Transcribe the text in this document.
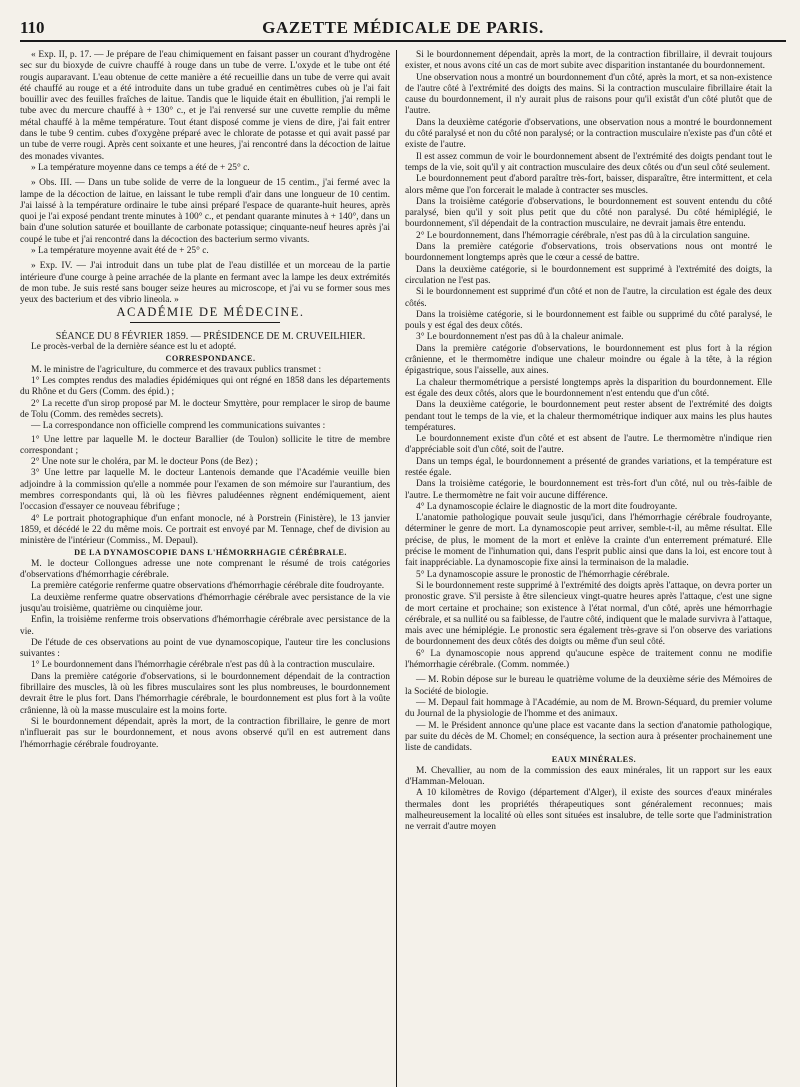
110	GAZETTE MÉDICALE DE PARIS.

« Exp. II, p. 17. — Je prépare de l'eau chimiquement en faisant passer un courant d'hydrogène sec sur du bioxyde de cuivre chauffé à rouge dans un tube de verre. L'oxyde et le tube ont été rougis auparavant. L'eau obtenue de cette manière a été recueillie dans un tube de verre qui avait été chauffé au rouge et a été introduite dans un tube gradué en centimètres cubes où je l'ai fait bouillir avec des feuilles fraîches de laitue. Tandis que le liquide était en ébullition, j'ai rempli le tube avec du mercure chauffé à + 130° c., et je l'ai renversé sur une cuvette remplie du même métal chauffé à la même température. Tout étant disposé comme je viens de dire, j'ai fait entrer dans le tube 9 centim. cubes d'oxygène préparé avec le chlorate de potasse et qui avait passé par un tube de verre rougi. Après cent soixante et une heures, j'ai rencontré dans la décoction de laitue des monades vivantes.

» La température moyenne dans ce temps a été de + 25° c.

» Obs. III. — Dans un tube solide de verre de la longueur de 15 centim., j'ai fermé avec la lampe de la décoction de laitue, en laissant le tube rempli d'air dans une longueur de 10 centim. J'ai laissé à la température ordinaire le tube ainsi préparé l'espace de quarante-huit heures, après quoi je l'ai exposé pendant trente minutes à 100° c., et pendant quarante minutes à + 140°, dans un bain d'une solution saturée et bouillante de carbonate potassique; cinquante-neuf heures après j'ai coupé le tube et j'ai rencontré dans la décoction des bacterium sermo vivants.

» La température moyenne avait été de + 25° c.

» Exp. IV. — J'ai introduit dans un tube plat de l'eau distillée et un morceau de la partie intérieure d'une courge à peine arrachée de la plante en fermant avec la lampe les deux extrémités de mon tube. Je suis resté sans bouger seize heures au microscope, et j'ai vu se former sous mes yeux des bacterium et des vibrio lineola. »

ACADÉMIE DE MÉDECINE.

SÉANCE DU 8 FÉVRIER 1859. — PRÉSIDENCE DE M. CRUVEILHIER.

Le procès-verbal de la dernière séance est lu et adopté.

CORRESPONDANCE.

M. le ministre de l'agriculture, du commerce et des travaux publics transmet :

1° Les comptes rendus des maladies épidémiques qui ont régné en 1858 dans les départements du Rhône et du Gers (Comm. des épid.) ;

2° La recette d'un sirop proposé par M. le docteur Smyttère, pour remplacer le sirop de baume de Tolu (Comm. des remèdes secrets).

— La correspondance non officielle comprend les communications suivantes :

1° Une lettre par laquelle M. le docteur Barallier (de Toulon) sollicite le titre de membre correspondant ;

2° Une note sur le choléra, par M. le docteur Pons (de Bez) ;

3° Une lettre par laquelle M. le docteur Lantenois demande que l'Académie veuille bien adjoindre à la commission qu'elle a nommée pour l'examen de son mémoire sur l'aurantium, des membres correspondants qui, là où les fièvres paludéennes règnent endémiquement, aient l'occasion d'essayer ce nouveau fébrifuge ;

4° Le portrait photographique d'un enfant monocle, né à Porstrein (Finistère), le 13 janvier 1859, et décédé le 22 du même mois. Ce portrait est envoyé par M. Tennage, chef de division au ministère de l'intérieur (Commiss., M. Depaul).

DE LA DYNAMOSCOPIE DANS L'HÉMORRHAGIE CÉRÉBRALE.

M. le docteur Collongues adresse une note comprenant le résumé de trois catégories d'observations d'hémorrhagie cérébrale.

La première catégorie renferme quatre observations d'hémorrhagie cérébrale dite foudroyante.

La deuxième renferme quatre observations d'hémorrhagie cérébrale avec persistance de la vie jusqu'au troisième, quatrième ou cinquième jour.

Enfin, la troisième renferme trois observations d'hémorrhagie cérébrale avec persistance de la vie.

De l'étude de ces observations au point de vue dynamoscopique, l'auteur tire les conclusions suivantes :

1° Le bourdonnement dans l'hémorrhagie cérébrale n'est pas dû à la contraction musculaire.

Dans la première catégorie d'observations, si le bourdonnement dépendait de la contraction fibrillaire des muscles, là où les fibres musculaires sont les plus nombreuses, le bourdonnement devrait être le plus fort. Dans l'hémorrhagie cérébrale, le bourdonnement est plus fort à la voûte crânienne, là où la masse musculaire est la moins forte.

Si le bourdonnement dépendait, après la mort, de la contraction fibrillaire, le genre de mort n'influerait pas sur le bourdonnement, et nous avons observé qu'il en est autrement dans l'hémorrhagie cérébrale foudroyante.

Si le bourdonnement dépendait, après la mort, de la contraction fibrillaire, il devrait toujours exister, et nous avons cité un cas de mort subite avec disparition instantanée du bourdonnement.

Une observation nous a montré un bourdonnement d'un côté, après la mort, et sa non-existence de l'autre côté à l'extrémité des doigts des mains. Si la contraction musculaire fibrillaire était la cause du bourdonnement, il n'y aurait plus de raisons pour qu'il existât d'un côté plutôt que de l'autre.

Dans la deuxième catégorie d'observations, une observation nous a montré le bourdonnement du côté paralysé et non du côté non paralysé; or la contraction musculaire n'existe pas d'un côté et existe de l'autre.

Il est assez commun de voir le bourdonnement absent de l'extrémité des doigts pendant tout le temps de la vie, soit qu'il y ait contraction musculaire des deux côtés ou d'un seul côté seulement.

Le bourdonnement peut d'abord paraître très-fort, baisser, disparaître, être intermittent, et cela alors même que l'on forcerait le malade à contracter ses muscles.

Dans la troisième catégorie d'observations, le bourdonnement est souvent entendu du côté paralysé, bien qu'il y soit plus petit que du côté non paralysé. Du côté hémiplégié, le bourdonnement, s'il dépendait de la contraction musculaire, ne devrait jamais être entendu.

2° Le bourdonnement, dans l'hémorragie cérébrale, n'est pas dû à la circulation sanguine.

Dans la première catégorie d'observations, trois observations nous ont montré le bourdonnement longtemps après que le cœur a cessé de battre.

Dans la deuxième catégorie, si le bourdonnement est supprimé à l'extrémité des doigts, la circulation ne l'est pas.

Si le bourdonnement est supprimé d'un côté et non de l'autre, la circulation est égale des deux côtés.

Dans la troisième catégorie, si le bourdonnement est faible ou supprimé du côté paralysé, le pouls y est égal des deux côtés.

3° Le bourdonnement n'est pas dû à la chaleur animale.

Dans la première catégorie d'observations, le bourdonnement est plus fort à la région crânienne, et le thermomètre indique une chaleur moindre ou égale à la tête, à la région épigastrique, sous l'aisselle, aux aines.

La chaleur thermométrique a persisté longtemps après la disparition du bourdonnement. Elle est égale des deux côtés, alors que le bourdonnement n'est entendu que d'un côté.

Dans la deuxième catégorie, le bourdonnement peut rester absent de l'extrémité des doigts pendant tout le temps de la vie, et la chaleur thermométrique indiquer aux mains les plus hautes températures.

Le bourdonnement existe d'un côté et est absent de l'autre. Le thermomètre n'indique rien d'appréciable soit d'un côté, soit de l'autre.

Dans un temps égal, le bourdonnement a présenté de grandes variations, et la température est restée égale.

Dans la troisième catégorie, le bourdonnement est très-fort d'un côté, nul ou très-faible de l'autre. Le thermomètre ne fait voir aucune différence.

4° La dynamoscopie éclaire le diagnostic de la mort dite foudroyante.

L'anatomie pathologique pouvait seule jusqu'ici, dans l'hémorrhagie cérébrale foudroyante, déterminer le genre de mort. La dynamoscopie peut arriver, semble-t-il, au même résultat. Elle précise, de plus, le moment de la mort et enlève la crainte d'un enterrement prématuré. Elle précise le moment de l'inhumation qui, dans l'esprit public ainsi que dans la loi, est encore tout à fait inappréciable. La dynamoscopie fixe ainsi la terminaison de la maladie.

5° La dynamoscopie assure le pronostic de l'hémorrhagie cérébrale.

Si le bourdonnement reste supprimé à l'extrémité des doigts après l'attaque, on devra porter un pronostic grave. S'il persiste à être silencieux vingt-quatre heures après l'attaque, c'est une signe de mort certaine et prochaine; son existence à l'état normal, d'un côté, après une hémorrhagie cérébrale, et sa nullité ou sa faiblesse, de l'autre côté, indiquent que le malade survivra à l'attaque, mais avec une hémiplégie. Le pronostic sera également très-grave si l'on observe des variations de bourdonnement des deux côtés des doigts ou même d'un seul côté.

6° La dynamoscopie nous apprend qu'aucune espèce de traitement connu ne modifie l'hémorrhagie cérébrale. (Comm. nommée.)

— M. Robin dépose sur le bureau le quatrième volume de la deuxième série des Mémoires de la Société de biologie.

— M. Depaul fait hommage à l'Académie, au nom de M. Brown-Séquard, du premier volume du Journal de la physiologie de l'homme et des animaux.

— M. le Président annonce qu'une place est vacante dans la section d'anatomie pathologique, par suite du décès de M. Chomel; en conséquence, la section aura à présenter prochainement une liste de candidats.

EAUX MINÉRALES.

M. Chevallier, au nom de la commission des eaux minérales, lit un rapport sur les eaux d'Hamman-Melouan.

A 10 kilomètres de Rovigo (département d'Alger), il existe des sources d'eaux minérales thermales dont les propriétés thérapeutiques sont généralement reconnues; mais malheureusement la localité où elles sont situées est insalubre, de telle sorte que l'administration ne verrait d'autre moyen
